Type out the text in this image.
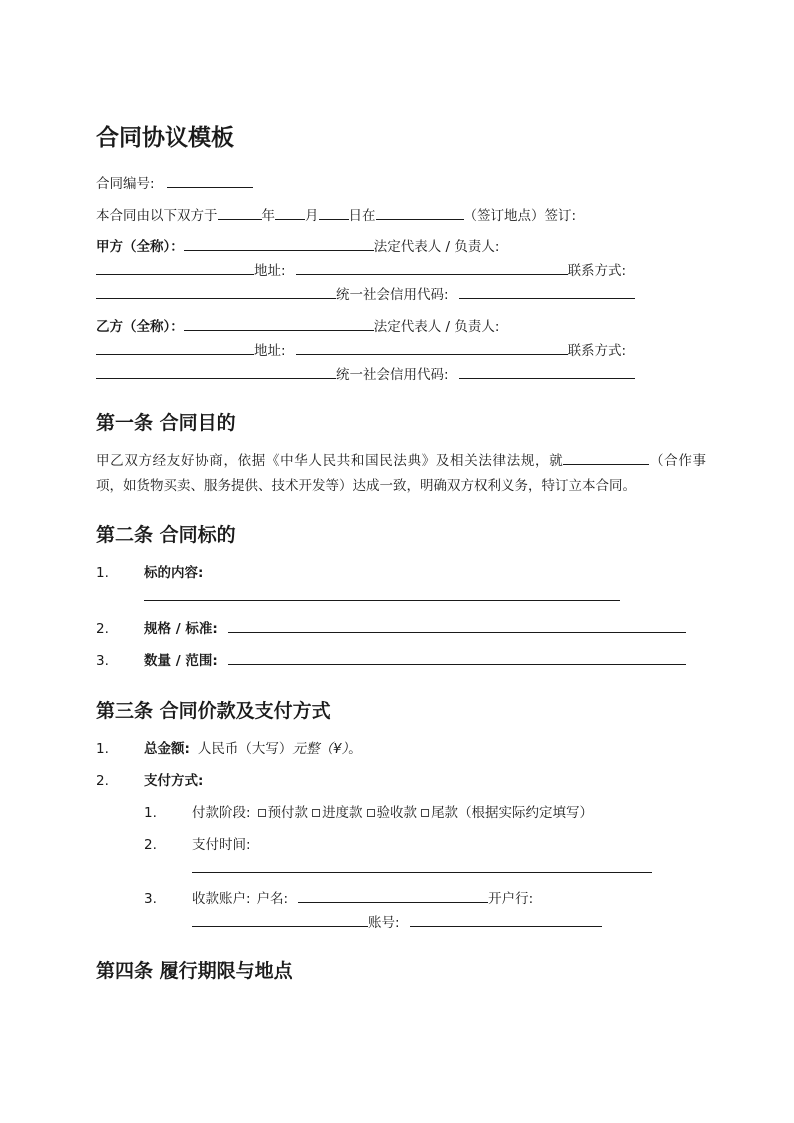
合同协议模板
合同编号:
本合同由以下双方于	年 月 日在	（签订地点）签订:
甲方（全称）：	法定代表人 / 负责人:
地址:	联系方式:
统一社会信用代码:
乙方（全称）：	法定代表人 / 负责人:
地址:	联系方式:
统一社会信用代码:
第一条 合同目的
甲乙双方经友好协商，依据《中华人民共和国民法典》及相关法律法规，就	（合作事项，如货物买卖、服务提供、技术开发等）达成一致，明确双方权利义务，特订立本合同。
第二条 合同标的
1.	标的内容:
2.	规格 / 标准:
3.	数量 / 范围:
第三条 合同价款及支付方式
1.	总金额: 人民币（大写）元整（¥）。
2.	支付方式:
1.	付款阶段: 预付款 进度款 验收款 尾款（根据实际约定填写）
2.	支付时间:
3.	收款账户: 户名:	开户行:
账号:
第四条 履行期限与地点
